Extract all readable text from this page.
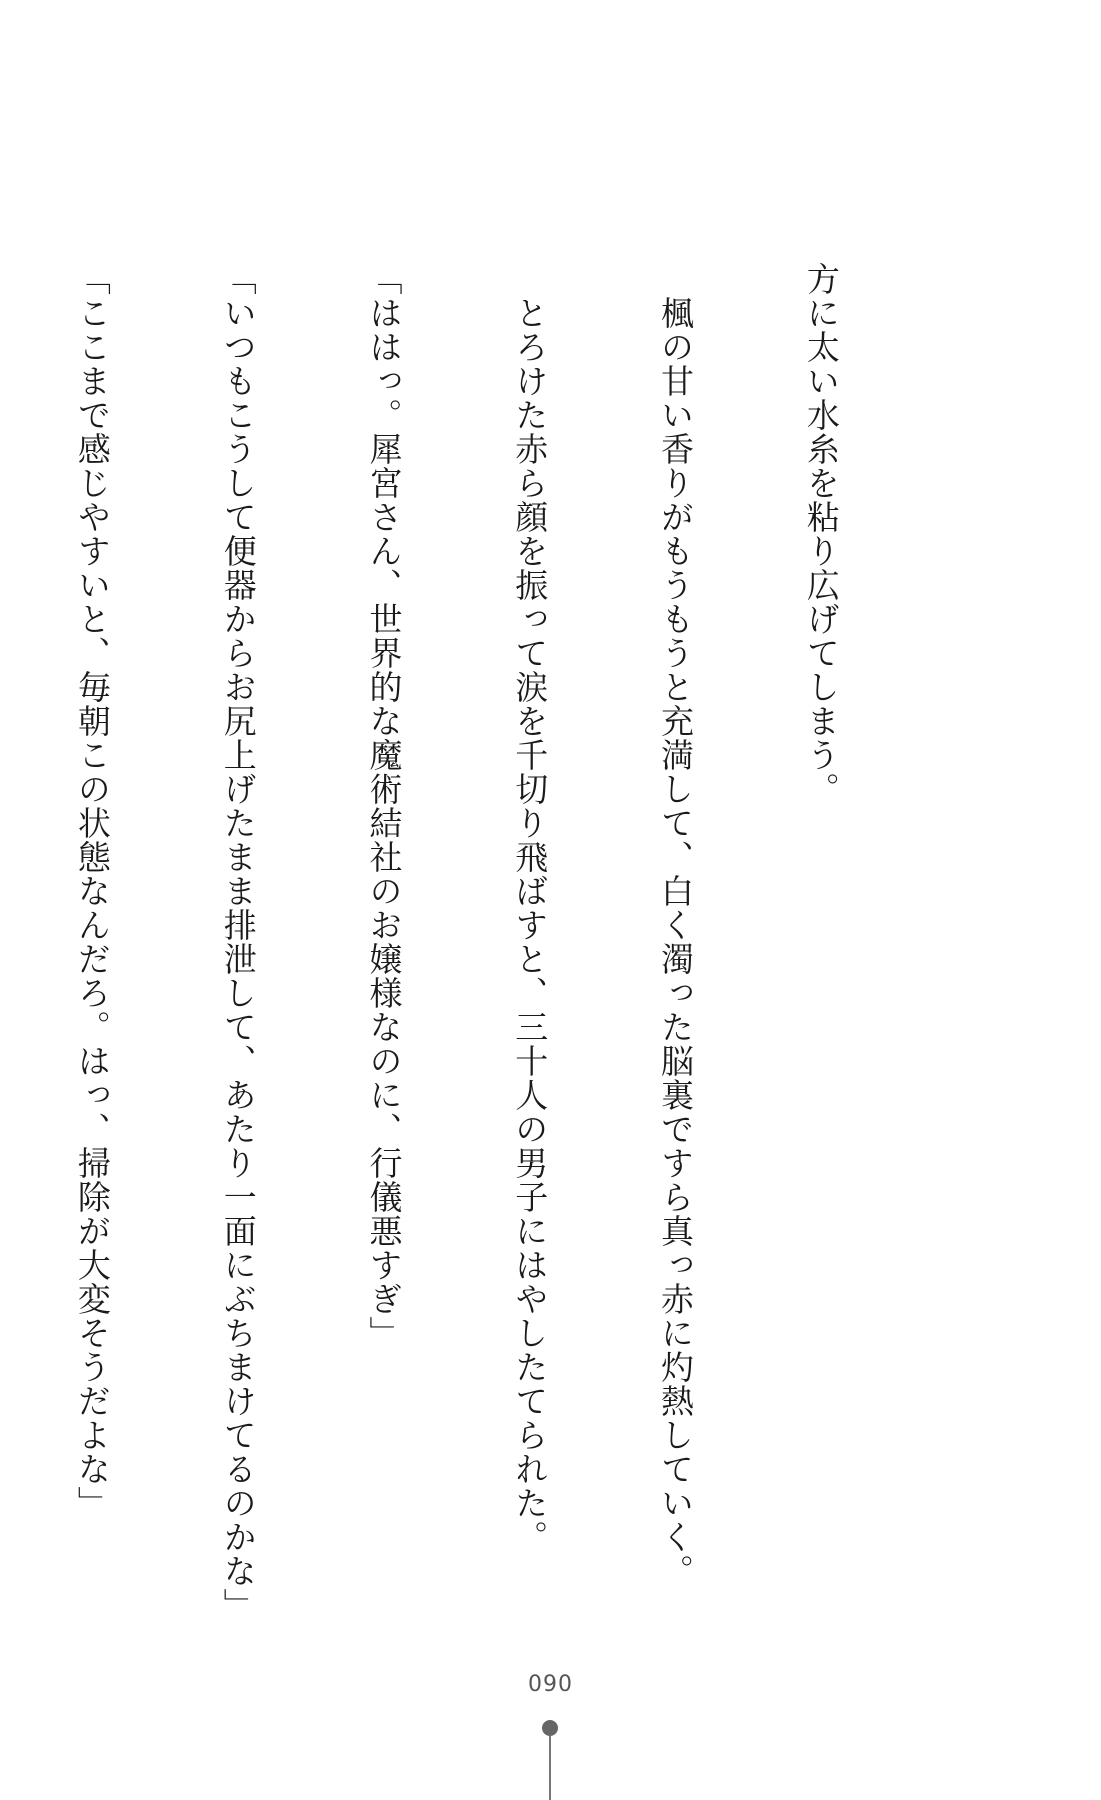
方に太い水糸を粘り広げてしまう。

　楓の甘い香りがもうもうと充満して、白く濁った脳裏ですら真っ赤に灼熱していく。

　とろけた赤ら顔を振って涙を千切り飛ばすと、三十人の男子にはやしたてられた。

「ははっ。犀宮さん、世界的な魔術結社のお嬢様なのに、行儀悪すぎ」

「いつもこうして便器からお尻上げたまま排泄して、あたり一面にぶちまけてるのかな」

「ここまで感じやすいと、毎朝この状態なんだろ。はっ、掃除が大変そうだよな」

090
